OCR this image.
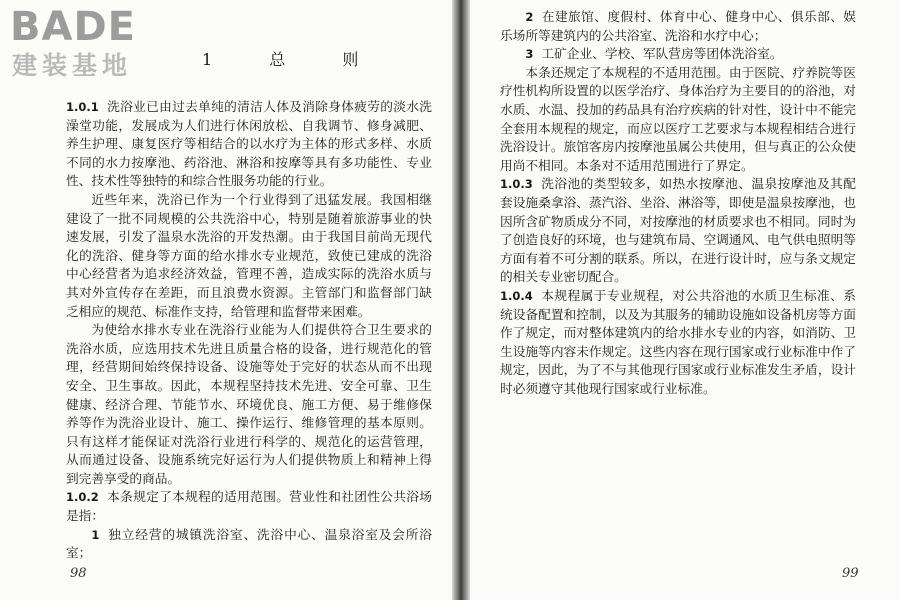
BADE
建装基地	1 总 则

1.0.1 洗浴业已由过去单纯的清洁人体及消除身体疲劳的淡水洗澡堂功能，发展成为人们进行休闲放松、自我调节、修身减肥、养生护理、康复医疗等相结合的以水疗为主体的形式多样、水质不同的水力按摩池、药浴池、淋浴和按摩等具有多功能性、专业性、技术性等独特的和综合性服务功能的行业。

近些年来，洗浴已作为一个行业得到了迅猛发展。我国相继建设了一批不同规模的公共洗浴中心，特别是随着旅游事业的快速发展，引发了温泉水洗浴的开发热潮。由于我国目前尚无现代化的洗浴、健身等方面的给水排水专业规范，致使已建成的洗浴中心经营者为追求经济效益，管理不善，造成实际的洗浴水质与其对外宣传存在差距，而且浪费水资源。主管部门和监督部门缺乏相应的规范、标准作支持，给管理和监督带来困难。

为使给水排水专业在洗浴行业能为人们提供符合卫生要求的洗浴水质，应选用技术先进且质量合格的设备，进行规范化的管理，经营期间始终保持设备、设施等处于完好的状态从而不出现安全、卫生事故。因此，本规程坚持技术先进、安全可靠、卫生健康、经济合理、节能节水、环境优良、施工方便、易于维修保养等作为洗浴业设计、施工、操作运行、维修管理的基本原则。只有这样才能保证对洗浴行业进行科学的、规范化的运营管理，从而通过设备、设施系统完好运行为人们提供物质上和精神上得到完善享受的商品。

1.0.2 本条规定了本规程的适用范围。营业性和社团性公共浴场是指：

1 独立经营的城镇洗浴室、洗浴中心、温泉浴室及会所浴室；

98

2 在建旅馆、度假村、体育中心、健身中心、俱乐部、娱乐场所等建筑内的公共浴室、洗浴和水疗中心；

3 工矿企业、学校、军队营房等团体洗浴室。

本条还规定了本规程的不适用范围。由于医院、疗养院等医疗性机构所设置的以医学治疗、身体治疗为主要目的的浴池，对水质、水温、投加的药品具有治疗疾病的针对性，设计中不能完全套用本规程的规定，而应以医疗工艺要求与本规程相结合进行洗浴设计。旅馆客房内按摩池虽属公共使用，但与真正的公众使用尚不相同。本条对不适用范围进行了界定。

1.0.3 洗浴池的类型较多，如热水按摩池、温泉按摩池及其配套设施桑拿浴、蒸汽浴、坐浴、淋浴等，即使是温泉按摩池，也因所含矿物质成分不同，对按摩池的材质要求也不相同。同时为了创造良好的环境，也与建筑布局、空调通风、电气供电照明等方面有着不可分割的联系。所以，在进行设计时，应与条文规定的相关专业密切配合。

1.0.4 本规程属于专业规程，对公共浴池的水质卫生标准、系统设备配置和控制，以及为其服务的辅助设施如设备机房等方面作了规定，而对整体建筑内的给水排水专业的内容，如消防、卫生设施等内容未作规定。这些内容在现行国家或行业标准中作了规定，因此，为了不与其他现行国家或行业标准发生矛盾，设计时必须遵守其他现行国家或行业标准。

99
